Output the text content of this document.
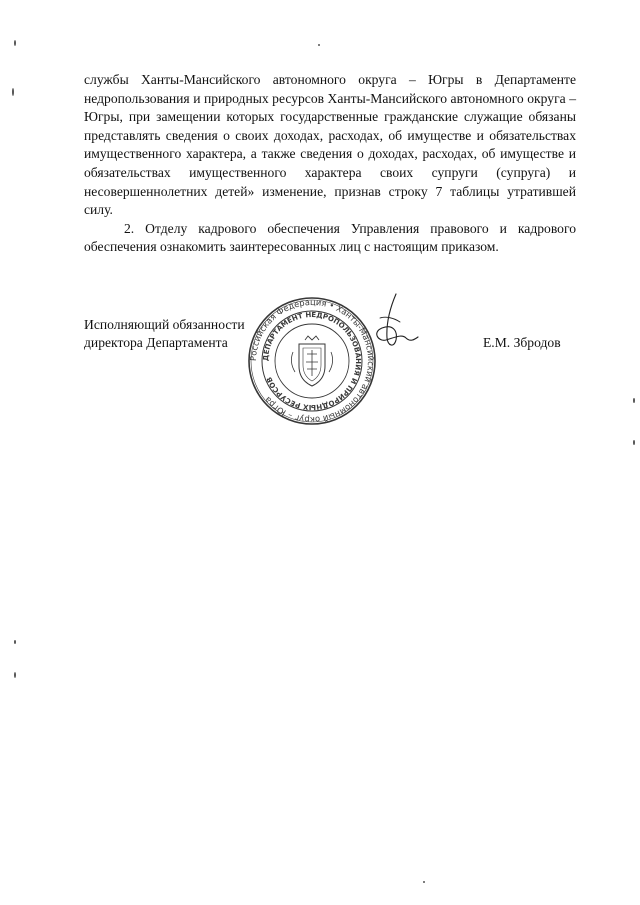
службы Ханты-Мансийского автономного округа – Югры в Департаменте недропользования и природных ресурсов Ханты-Мансийского автономного округа – Югры, при замещении которых государственные гражданские служащие обязаны представлять сведения о своих доходах, расходах, об имуществе и обязательствах имущественного характера, а также сведения о доходах, расходах, об имуществе и обязательствах имущественного характера своих супруги (супруга) и несовершеннолетних детей» изменение, признав строку 7 таблицы утратившей силу.

2. Отделу кадрового обеспечения Управления правового и кадрового обеспечения ознакомить заинтересованных лиц с настоящим приказом.

Исполняющий обязанности
директора Департамента	Е.М. Збродов
Российская Федерация • Ханты-Мансийский автономный округ – Югра
ДЕПАРТАМЕНТ НЕДРОПОЛЬЗОВАНИЯ И ПРИРОДНЫХ РЕСУРСОВ
